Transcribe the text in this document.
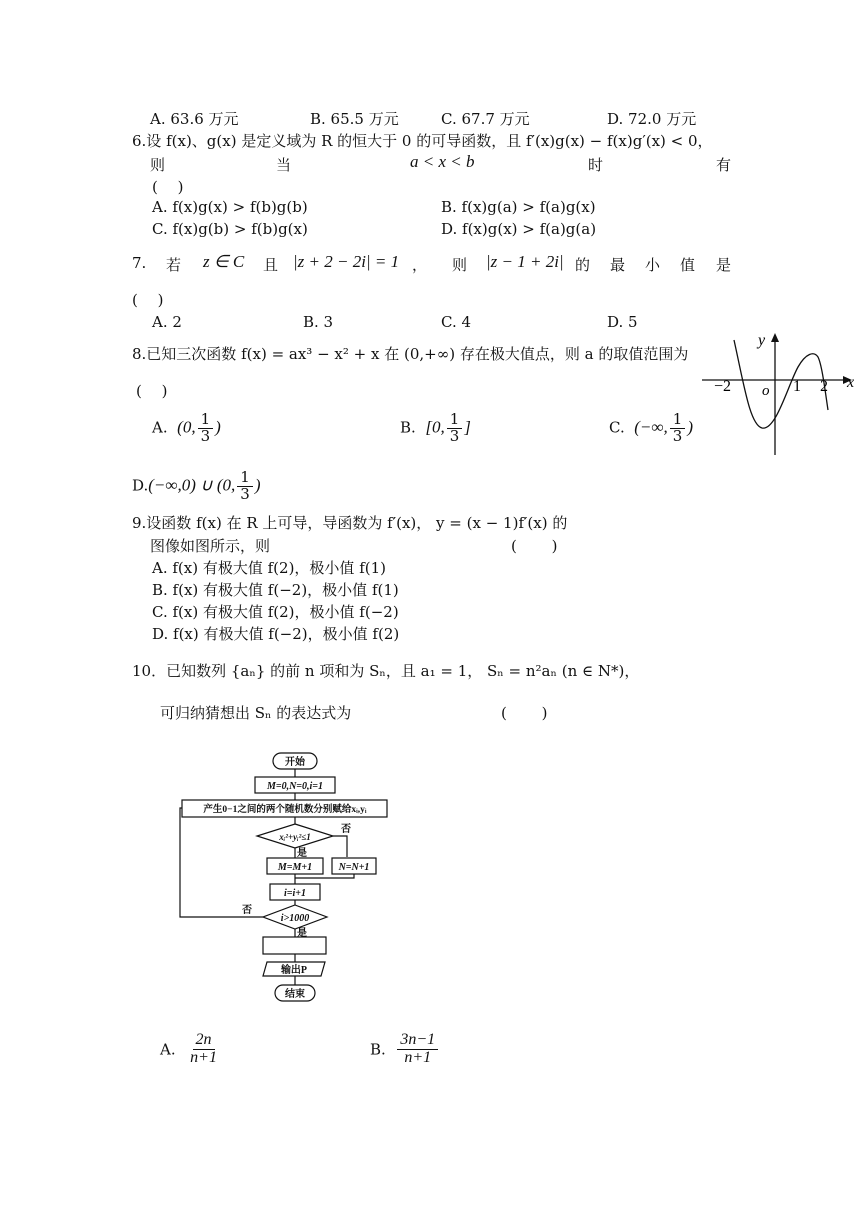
A. 63.6 万元	B. 65.5 万元	C. 67.7 万元	D. 72.0 万元
6.设 f(x)、g(x) 是定义域为 R 的恒大于 0 的可导函数，且 f′(x)g(x) − f(x)g′(x) < 0，
则	当	a < x < b	时	有
(　 )
A. f(x)g(x) > f(b)g(b)	B. f(x)g(a) > f(a)g(x)
C. f(x)g(b) > f(b)g(x)	D. f(x)g(x) > f(a)g(a)
7. 若 z ∈ C 且 |z + 2 − 2i| = 1 ， 则 |z − 1 + 2i| 的 最 小 值 是
(　 )
A. 2	B. 3	C. 4	D. 5
8.已知三次函数 f(x) = ax³ − x² + x 在 (0,+∞) 存在极大值点，则 a 的取值范围为
(　 )
A. (0, $\frac{1}{3}$ )	B. [0, $\frac{1}{3}$ ]	C. (−∞, $\frac{1}{3}$ )
D.(−∞,0) ∪ (0, $\frac{1}{3}$ )
y
x
o
−2	1 2
9.设函数 f(x) 在 R 上可导，导函数为 f′(x)， y = (x − 1)f′(x) 的
图像如图所示，则	(　 　)
A. f(x) 有极大值 f(2)，极小值 f(1)
B. f(x) 有极大值 f(−2)，极小值 f(1)
C. f(x) 有极大值 f(2)，极小值 f(−2)
D. f(x) 有极大值 f(−2)，极小值 f(2)
10．已知数列 {aₙ} 的前 n 项和为 Sₙ，且 a₁ = 1， Sₙ = n²aₙ (n ∈ N*)，
可归纳猜想出 Sₙ 的表达式为	(　 　)
开始
M=0,N=0,i=1
产生0−1之间的两个随机数分别赋给xᵢ,yᵢ
xᵢ²+yᵢ²≤1
否
是
M=M+1	N=N+1
i=i+1
i>1000
否
是
输出P
结束
A. $\frac{2n}{n+1}$	B. $\frac{3n-1}{n+1}$
